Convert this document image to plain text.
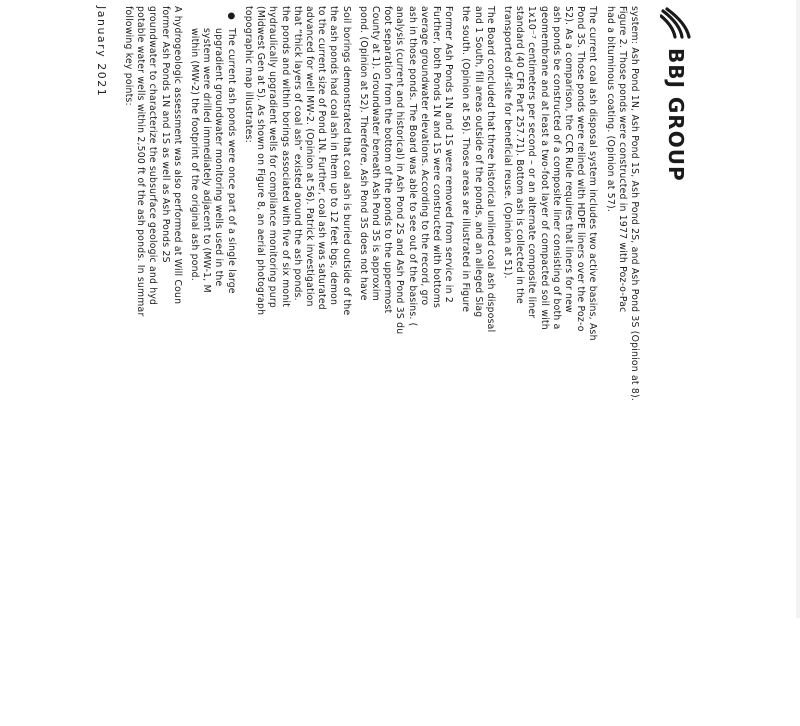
BBJ GROUP

system: Ash Pond 1N, Ash Pond 1S, Ash Pond 2S, and Ash Pond 3S (Opinion at 8).
Figure 2. Those ponds were constructed in 1977 with Poz-o-Pac
had a bituminous coating. (Opinion at 57).

The current coal ash disposal system includes two active basins, Ash
Pond 3S. Those ponds were relined with HDPE liners over the Poz-o
52). As a comparison, the CCR Rule requires that liners for new
ash ponds be constructed of a composite liner consisting of both a
geomembrane and at least a two-foot layer of compacted soil with
1x10⁻⁷ centimeters per second – or an alternate composite liner
standard (40 CFR Part 257.71). Bottom ash is collected in the
transported off-site for beneficial reuse. (Opinion at 51).

The Board concluded that three historical unlined coal ash disposal
and 1 South, fill areas outside of the ponds, and an alleged Slag
the south. (Opinion at 56). Those areas are illustrated in Figure

Former Ash Ponds 1N and 1S were removed from service in 2
Further, both Ponds 1N and 1S were constructed with bottoms
average groundwater elevations. According to the record, gro
ash in those ponds. The Board was able to see out of the basins. (
analysis (current and historical) in Ash Pond 2S and Ash Pond 3S du
foot separation from the bottom of the ponds to the uppermost
County at 1). Groundwater beneath Ash Pond 3S is approxim
pond. (Opinion at 52). Therefore, Ash Pond 3S does not have

Soil borings demonstrated that coal ash is buried outside of the
the ash ponds had coal ash in them up to 12 feet bgs, demon
to the current size of Pond 1N. Further, coal ash was saturated
advanced for well MW-2. (Opinion at 56). Patrick investigation
that “thick layers of coal ash” existed around the ash ponds.
the ponds and within borings associated with five of six monit
hydraulically upgradient wells for compliance monitoring purp
(Midwest Gen at 5). As shown on Figure 8, an aerial photograph
topographic map illustrates:

●
The current ash ponds were once part of a single large
upgradient groundwater monitoring wells used in the
system were drilled immediately adjacent to (MW-1, M
within (MW-2) the footprint of the original ash pond.

A hydrogeologic assessment was also performed at Will Coun
former Ash Ponds 1N and 1S as well as Ash Ponds 2S
groundwater to characterize the subsurface geologic and hyd
potable water wells within 2,500 ft of the ash ponds. In summar
following key points:

January 2021
